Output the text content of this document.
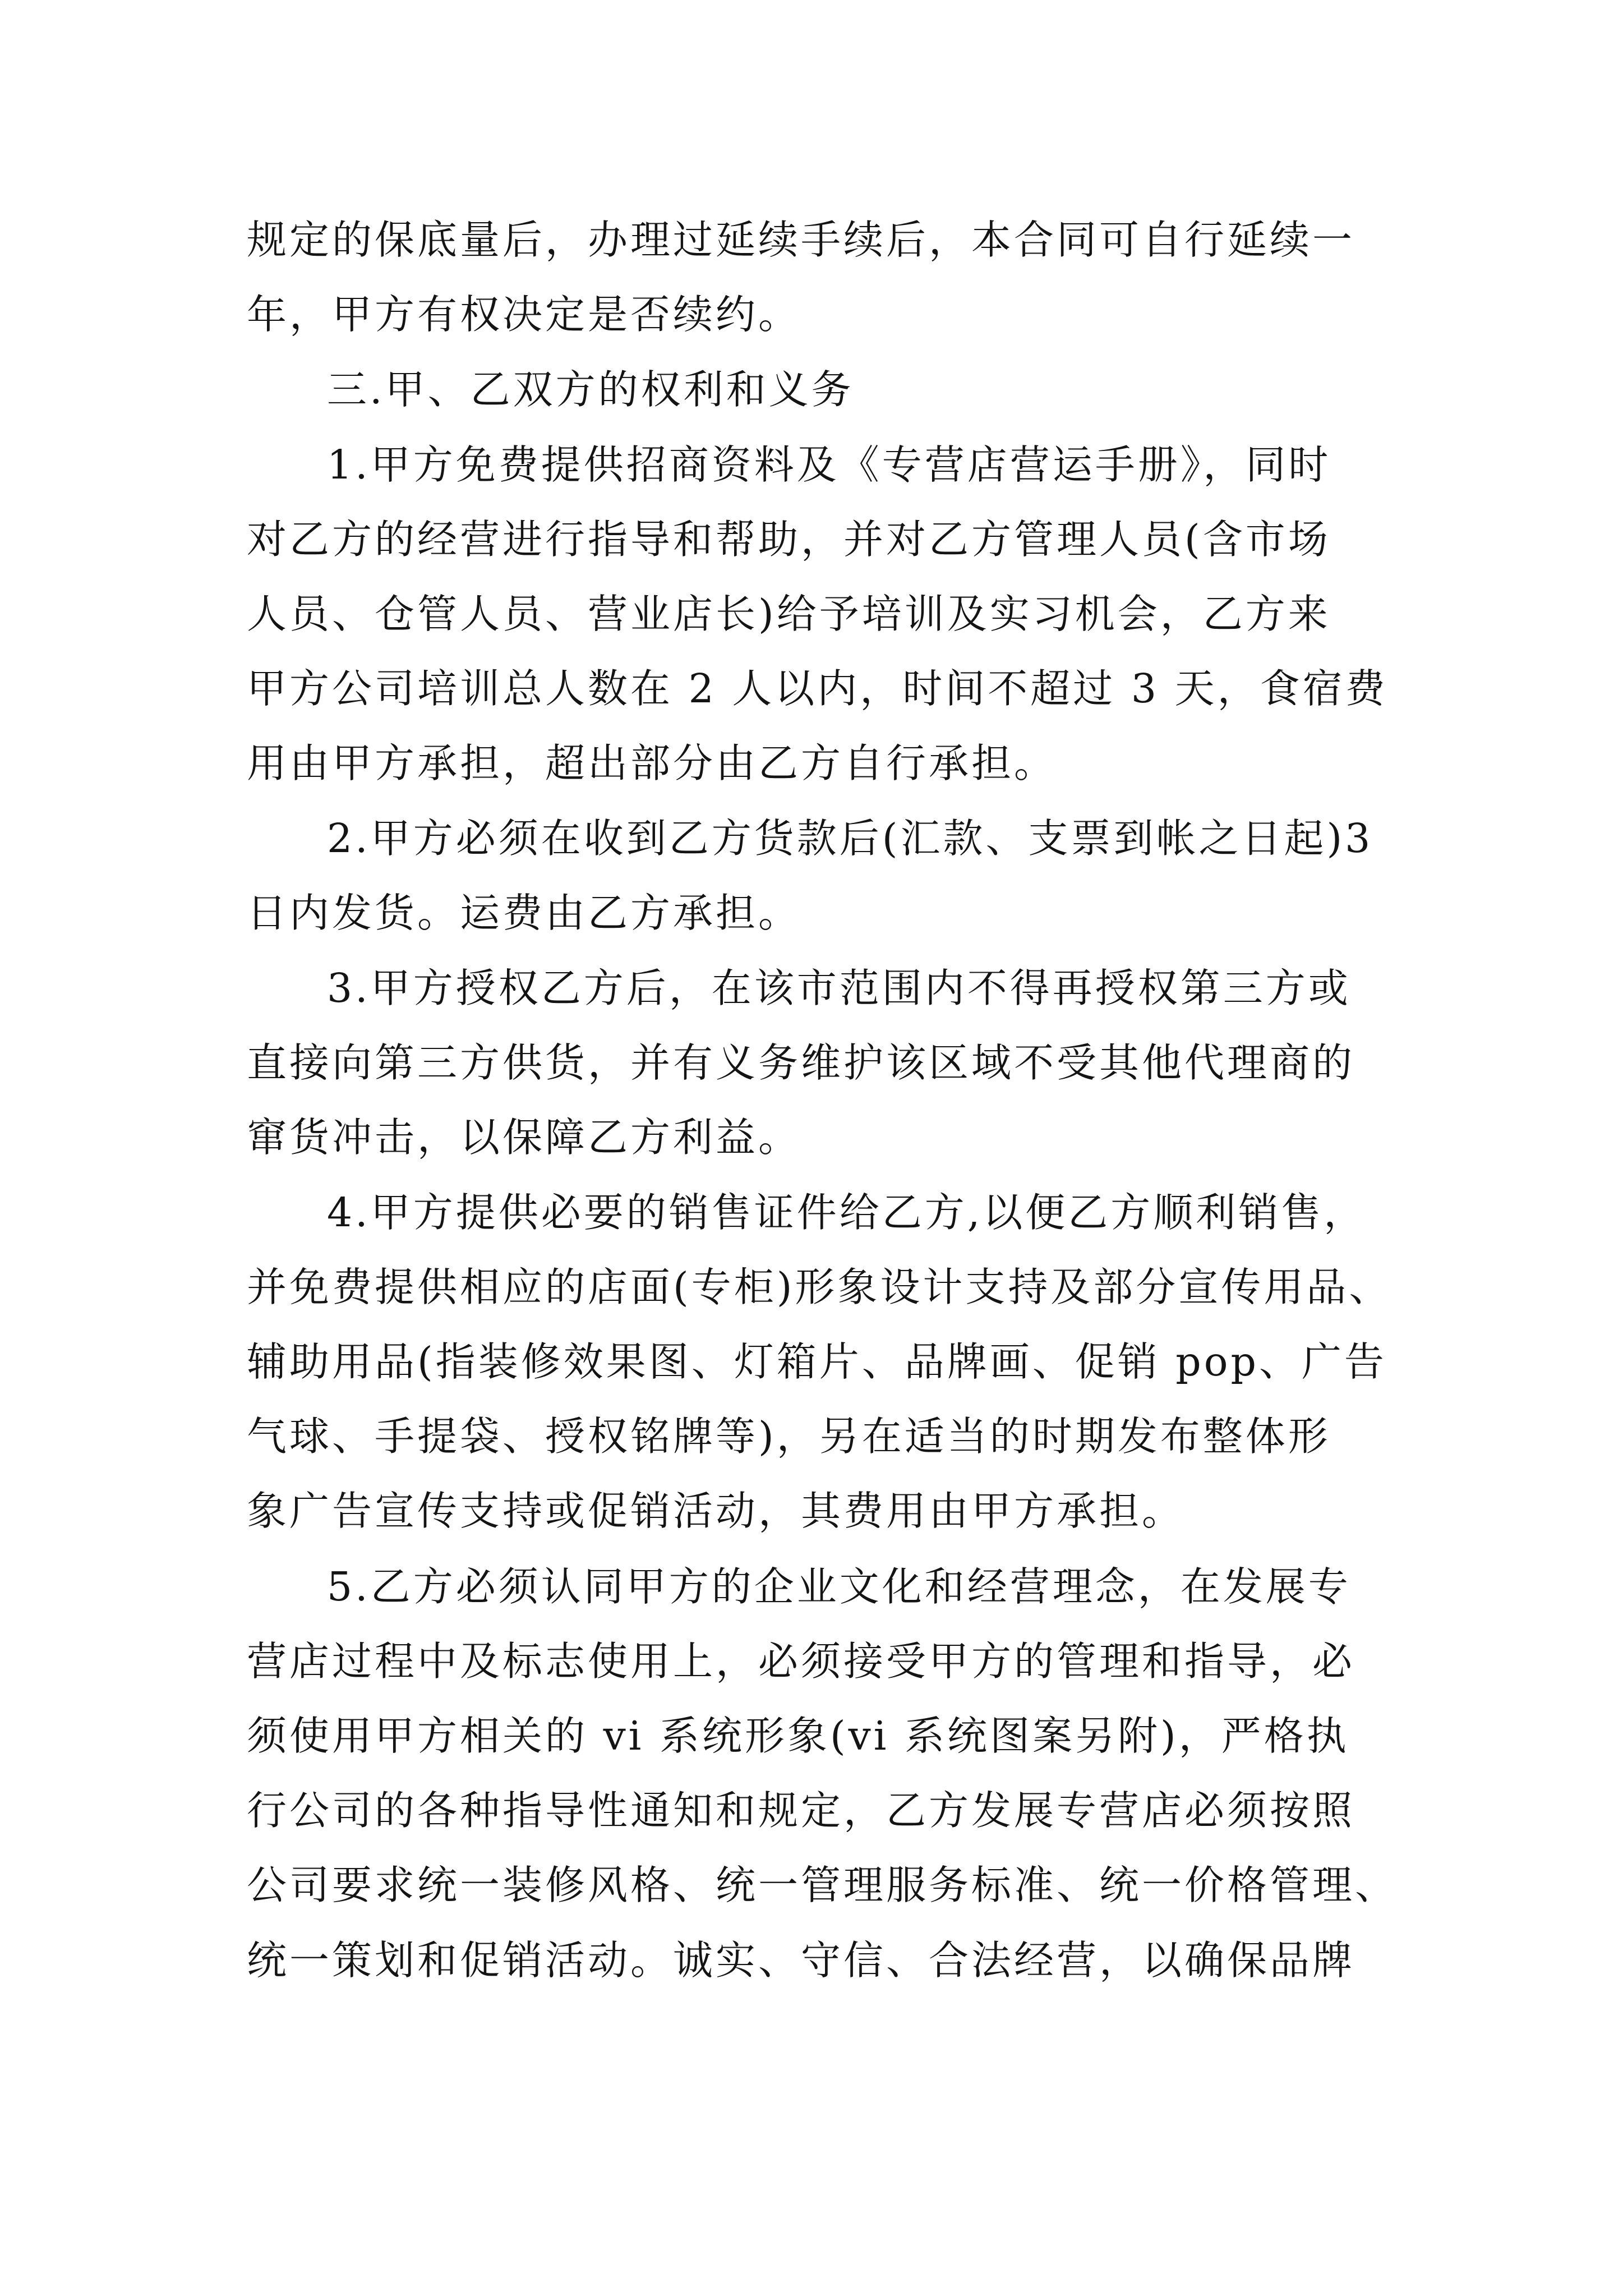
规定的保底量后，办理过延续手续后，本合同可自行延续一
年，甲方有权决定是否续约。
三.甲、乙双方的权利和义务
1.甲方免费提供招商资料及《专营店营运手册》，同时
对乙方的经营进行指导和帮助，并对乙方管理人员(含市场
人员、仓管人员、营业店长)给予培训及实习机会，乙方来
甲方公司培训总人数在 2 人以内，时间不超过 3 天，食宿费
用由甲方承担，超出部分由乙方自行承担。
2.甲方必须在收到乙方货款后(汇款、支票到帐之日起)3
日内发货。运费由乙方承担。
3.甲方授权乙方后，在该市范围内不得再授权第三方或
直接向第三方供货，并有义务维护该区域不受其他代理商的
窜货冲击，以保障乙方利益。
4.甲方提供必要的销售证件给乙方,以便乙方顺利销售，
并免费提供相应的店面(专柜)形象设计支持及部分宣传用品、
辅助用品(指装修效果图、灯箱片、品牌画、促销 pop、广告
气球、手提袋、授权铭牌等)，另在适当的时期发布整体形
象广告宣传支持或促销活动，其费用由甲方承担。
5.乙方必须认同甲方的企业文化和经营理念，在发展专
营店过程中及标志使用上，必须接受甲方的管理和指导，必
须使用甲方相关的 vi 系统形象(vi 系统图案另附)，严格执
行公司的各种指导性通知和规定，乙方发展专营店必须按照
公司要求统一装修风格、统一管理服务标准、统一价格管理、
统一策划和促销活动。诚实、守信、合法经营，以确保品牌
